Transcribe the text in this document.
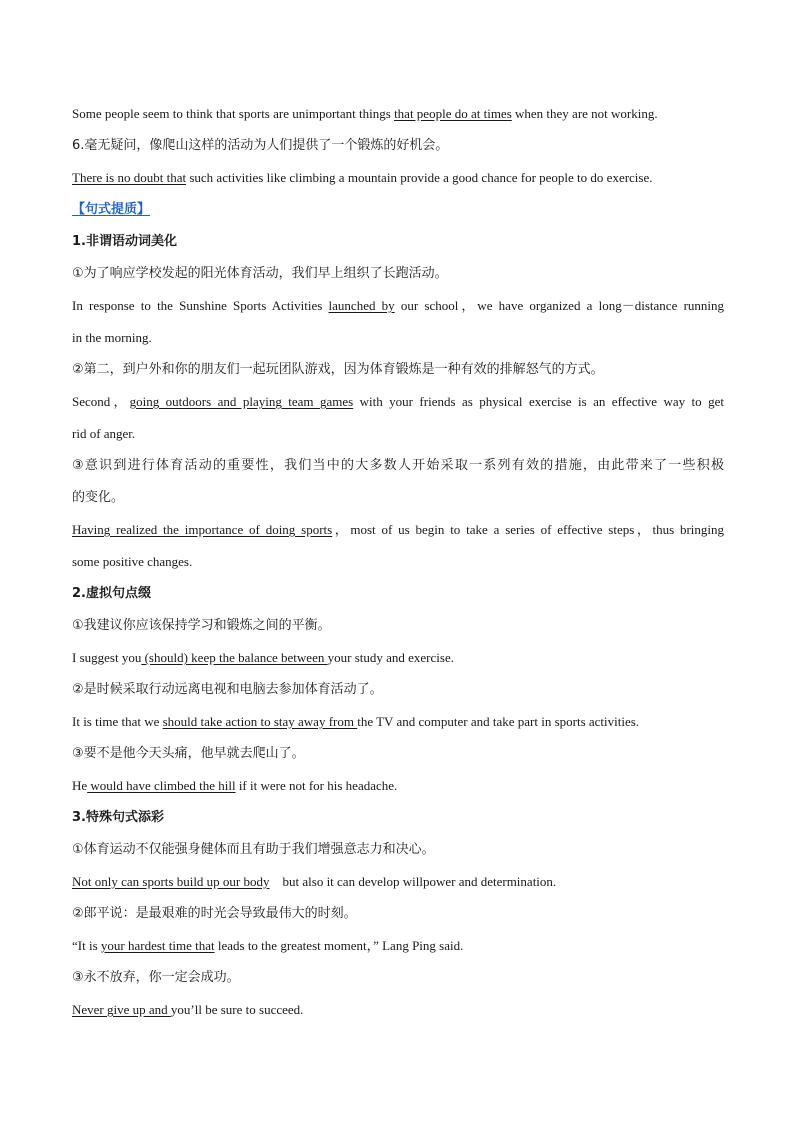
Some people seem to think that sports are unimportant things that people do at times when they are not working.
6.毫无疑问，像爬山这样的活动为人们提供了一个锻炼的好机会。
There is no doubt that such activities like climbing a mountain provide a good chance for people to do exercise.
【句式提质】
1.非谓语动词美化
①为了响应学校发起的阳光体育活动，我们早上组织了长跑活动。
In response to the Sunshine Sports Activities launched by our school，we have organized a long－distance running
in the morning.
②第二，到户外和你的朋友们一起玩团队游戏，因为体育锻炼是一种有效的排解怒气的方式。
Second，going outdoors and playing team games with your friends as physical exercise is an effective way to get
rid of anger.
③意识到进行体育活动的重要性，我们当中的大多数人开始采取一系列有效的措施，由此带来了一些积极
的变化。
Having realized the importance of doing sports，most of us begin to take a series of effective steps，thus bringing
some positive changes.
2.虚拟句点缀
①我建议你应该保持学习和锻炼之间的平衡。
I suggest you (should) keep the balance between your study and exercise.
②是时候采取行动远离电视和电脑去参加体育活动了。
It is time that we should take action to stay away from the TV and computer and take part in sports activities.
③要不是他今天头痛，他早就去爬山了。
He would have climbed the hill if it were not for his headache.
3.特殊句式添彩
①体育运动不仅能强身健体而且有助于我们增强意志力和决心。
Not only can sports build up our body    but also it can develop willpower and determination.
②郎平说：是最艰难的时光会导致最伟大的时刻。
“It is your hardest time that leads to the greatest moment，” Lang Ping said.
③永不放弃，你一定会成功。
Never give up and you’ll be sure to succeed.
